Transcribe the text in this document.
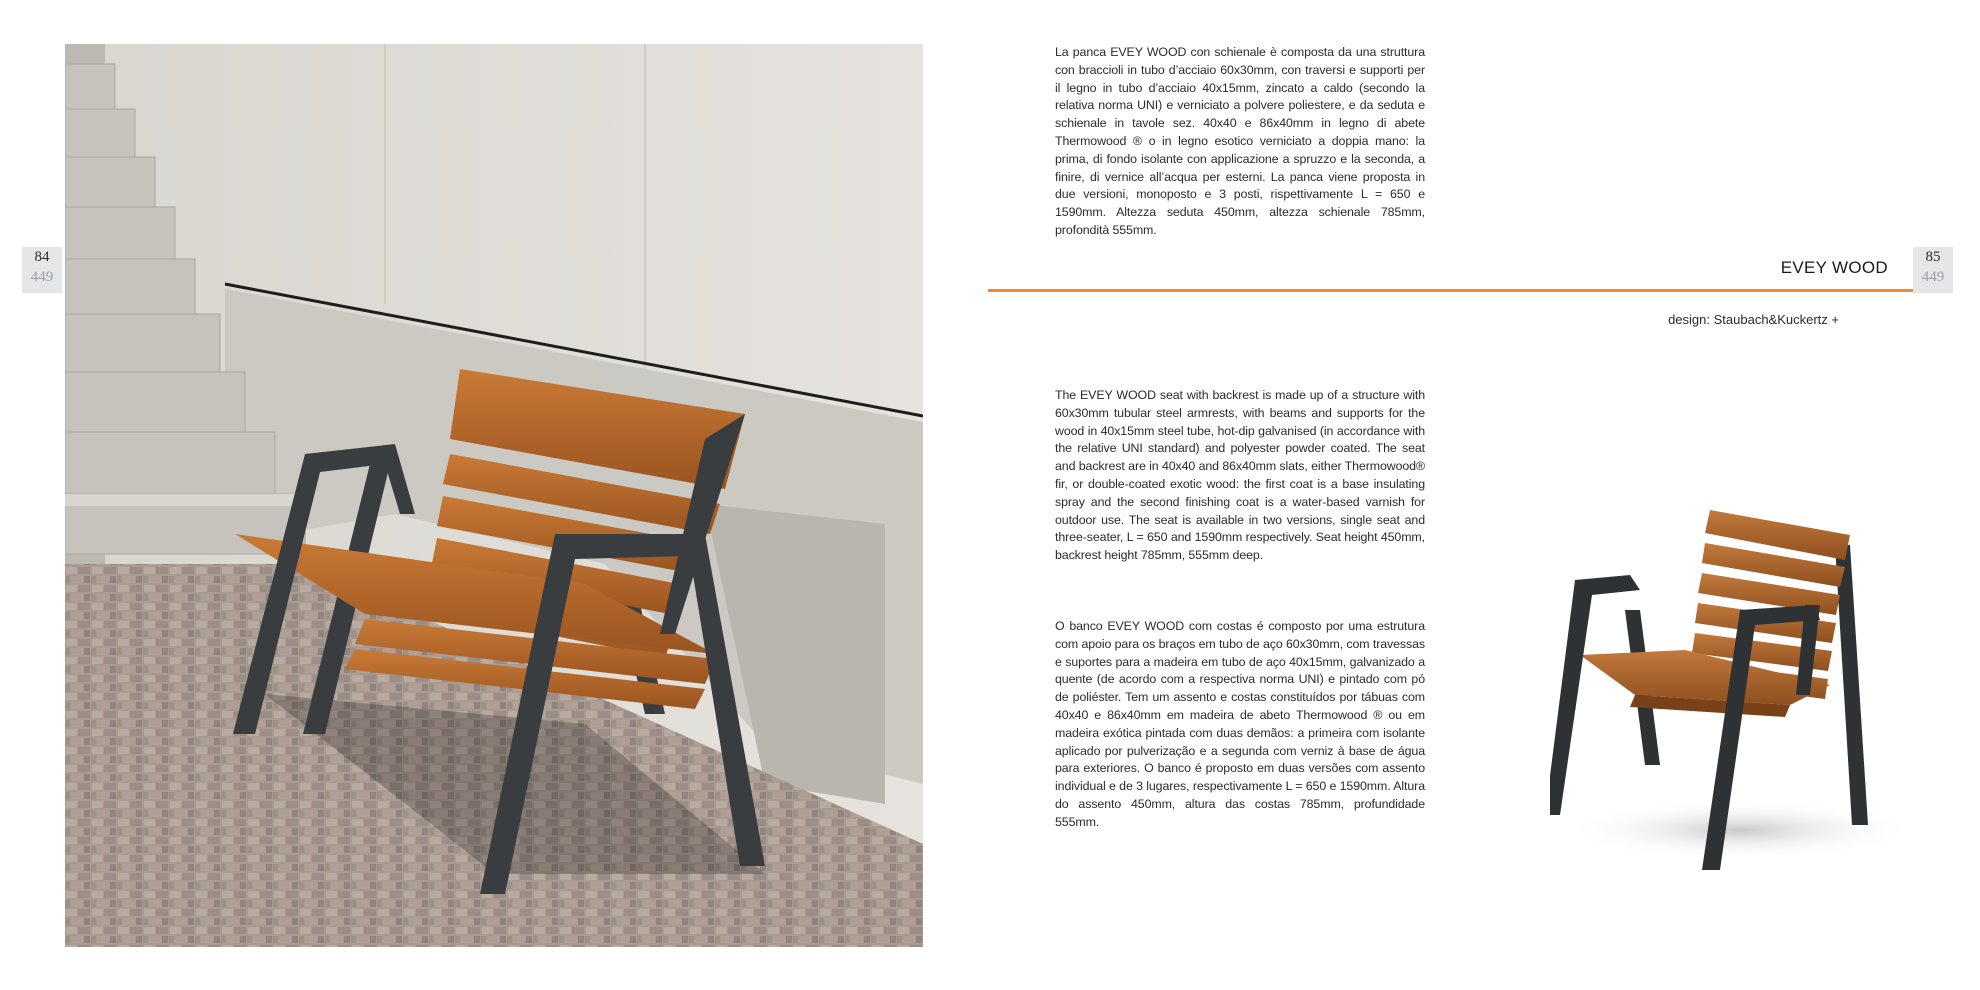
84
449
85
449
La panca EVEY WOOD con schienale è composta da una struttura con braccioli in tubo d’acciaio 60x30mm, con traversi e supporti per il legno in tubo d’acciaio 40x15mm, zincato a caldo (secondo la relativa norma UNI) e verniciato a polvere poliestere, e da seduta e schienale in tavole sez. 40x40 e 86x40mm in legno di abete Thermowood ® o in legno esotico verniciato a doppia mano: la prima, di fondo isolante con applicazione a spruzzo e la seconda, a finire, di vernice all’acqua per esterni. La panca viene proposta in due versioni, monoposto e 3 posti, rispettivamente L = 650 e 1590mm. Altezza seduta 450mm, altezza schienale 785mm, profondità 555mm.
EVEY WOOD
design: Staubach&Kuckertz +
The EVEY WOOD seat with backrest is made up of a structure with 60x30mm tubular steel armrests, with beams and supports for the wood in 40x15mm steel tube, hot-dip galvanised (in accordance with the relative UNI standard) and polyester powder coated. The seat and backrest are in 40x40 and 86x40mm slats, either Thermowood® fir, or double-coated exotic wood: the first coat is a base insulating spray and the second finishing coat is a water-based varnish for outdoor use. The seat is available in two versions, single seat and three-seater, L = 650 and 1590mm respectively. Seat height 450mm, backrest height 785mm, 555mm deep.
O banco EVEY WOOD com costas é composto por uma estrutura com apoio para os braços em tubo de aço 60x30mm, com travessas e suportes para a madeira em tubo de aço 40x15mm, galvanizado a quente (de acordo com a respectiva norma UNI) e pintado com pó de poliéster. Tem um assento e costas constituídos por tábuas com 40x40 e 86x40mm em madeira de abeto Thermowood ® ou em madeira exótica pintada com duas demãos: a primeira com isolante aplicado por pulverização e a segunda com verniz à base de água para exteriores. O banco é proposto em duas versões com assento individual e de 3 lugares, respectivamente L = 650 e 1590mm. Altura do assento 450mm, altura das costas 785mm, profundidade 555mm.
